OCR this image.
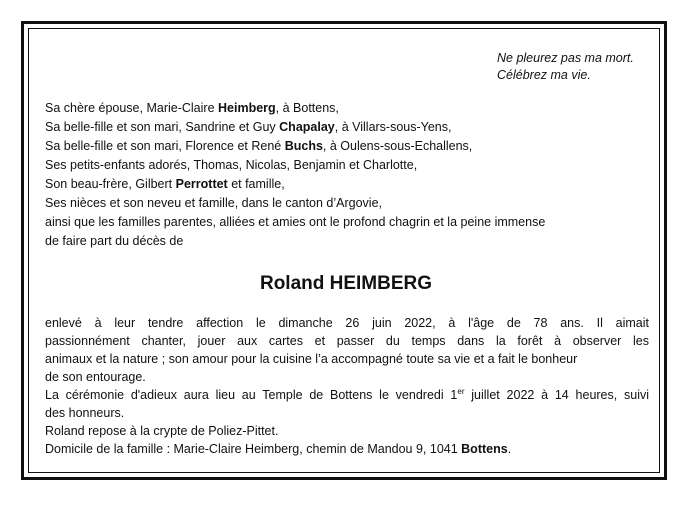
Ne pleurez pas ma mort.
Célébrez ma vie.
Sa chère épouse, Marie-Claire Heimberg, à Bottens,
Sa belle-fille et son mari, Sandrine et Guy Chapalay, à Villars-sous-Yens,
Sa belle-fille et son mari, Florence et René Buchs, à Oulens-sous-Echallens,
Ses petits-enfants adorés, Thomas, Nicolas, Benjamin et Charlotte,
Son beau-frère, Gilbert Perrottet et famille,
Ses nièces et son neveu et famille, dans le canton d’Argovie,
ainsi que les familles parentes, alliées et amies ont le profond chagrin et la peine immense
de faire part du décès de
Roland HEIMBERG
enlevé à leur tendre affection le dimanche 26 juin 2022, à l'âge de 78 ans. Il aimait
passionnément chanter, jouer aux cartes et passer du temps dans la forêt à observer les
animaux et la nature ; son amour pour la cuisine l’a accompagné toute sa vie et a fait le bonheur
de son entourage.
La cérémonie d'adieux aura lieu au Temple de Bottens le vendredi 1er juillet 2022 à 14 heures, suivi
des honneurs.
Roland repose à la crypte de Poliez-Pittet.
Domicile de la famille : Marie-Claire Heimberg, chemin de Mandou 9, 1041 Bottens.
